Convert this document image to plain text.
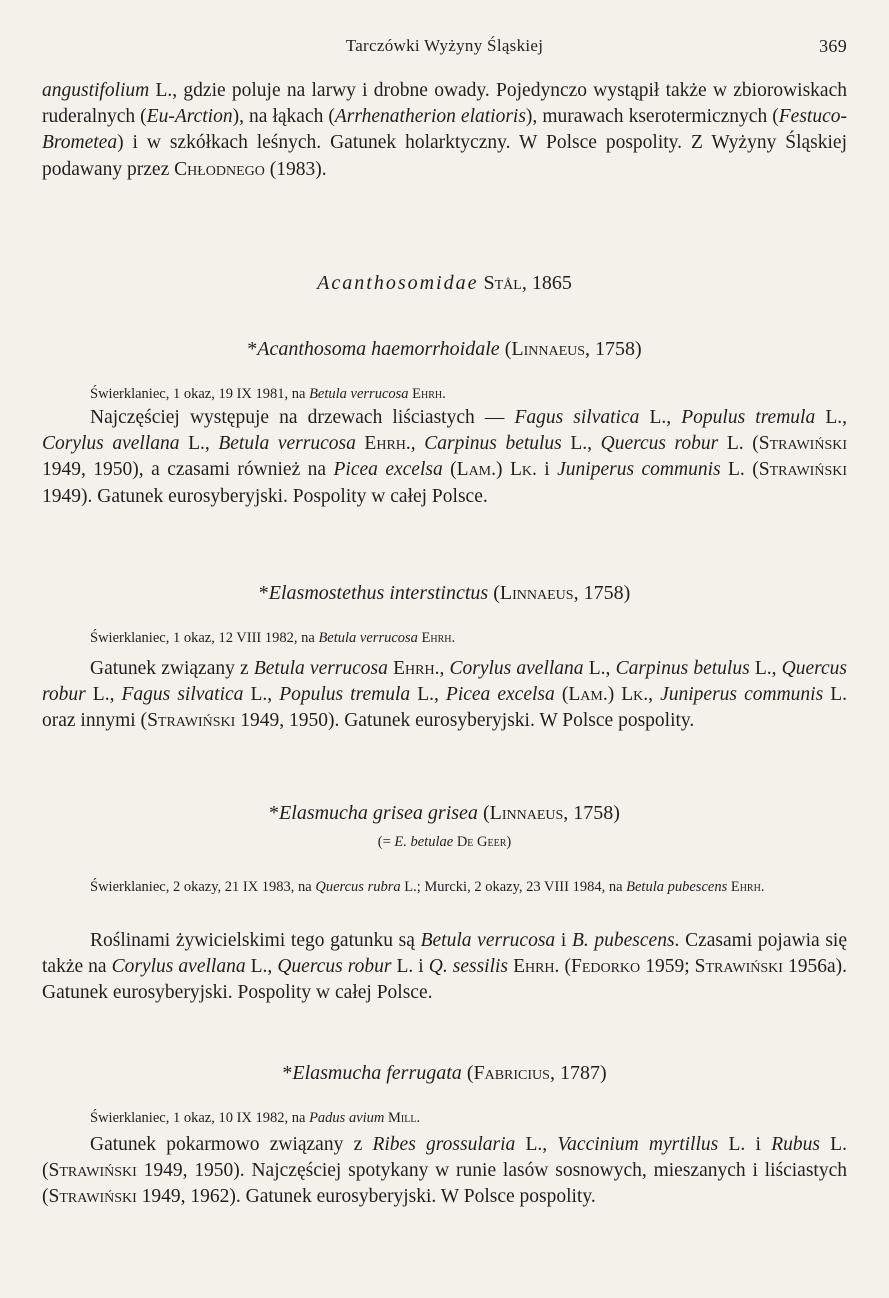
Tarczówki Wyżyny Śląskiej	369

angustifolium L., gdzie poluje na larwy i drobne owady. Pojedynczo wystąpił także w zbiorowiskach ruderalnych (Eu-Arction), na łąkach (Arrhenatherion elatioris), murawach kserotermicznych (Festuco-Brometea) i w szkółkach leśnych. Gatunek holarktyczny. W Polsce pospolity. Z Wyżyny Śląskiej podawany przez Chłodnego (1983).

Acanthosomidae Stål, 1865
*Acanthosoma haemorrhoidale (Linnaeus, 1758)

Świerklaniec, 1 okaz, 19 IX 1981, na Betula verrucosa Ehrh.

Najczęściej występuje na drzewach liściastych — Fagus silvatica L., Populus tremula L., Corylus avellana L., Betula verrucosa Ehrh., Carpinus betulus L., Quercus robur L. (Strawiński 1949, 1950), a czasami również na Picea excelsa (Lam.) Lk. i Juniperus communis L. (Strawiński 1949). Gatunek eurosyberyjski. Pospolity w całej Polsce.

*Elasmostethus interstinctus (Linnaeus, 1758)

Świerklaniec, 1 okaz, 12 VIII 1982, na Betula verrucosa Ehrh.

Gatunek związany z Betula verrucosa Ehrh., Corylus avellana L., Carpinus betulus L., Quercus robur L., Fagus silvatica L., Populus tremula L., Picea excelsa (Lam.) Lk., Juniperus communis L. oraz innymi (Strawiński 1949, 1950). Gatunek eurosyberyjski. W Polsce pospolity.

*Elasmucha grisea grisea (Linnaeus, 1758)
(= E. betulae De Geer)

Świerklaniec, 2 okazy, 21 IX 1983, na Quercus rubra L.; Murcki, 2 okazy, 23 VIII 1984, na Betula pubescens Ehrh.

Roślinami żywicielskimi tego gatunku są Betula verrucosa i B. pubescens. Czasami pojawia się także na Corylus avellana L., Quercus robur L. i Q. sessilis Ehrh. (Fedorko 1959; Strawiński 1956a). Gatunek eurosyberyjski. Pospolity w całej Polsce.

*Elasmucha ferrugata (Fabricius, 1787)

Świerklaniec, 1 okaz, 10 IX 1982, na Padus avium Mill.

Gatunek pokarmowo związany z Ribes grossularia L., Vaccinium myrtillus L. i Rubus L. (Strawiński 1949, 1950). Najczęściej spotykany w runie lasów sosnowych, mieszanych i liściastych (Strawiński 1949, 1962). Gatunek eurosyberyjski. W Polsce pospolity.
